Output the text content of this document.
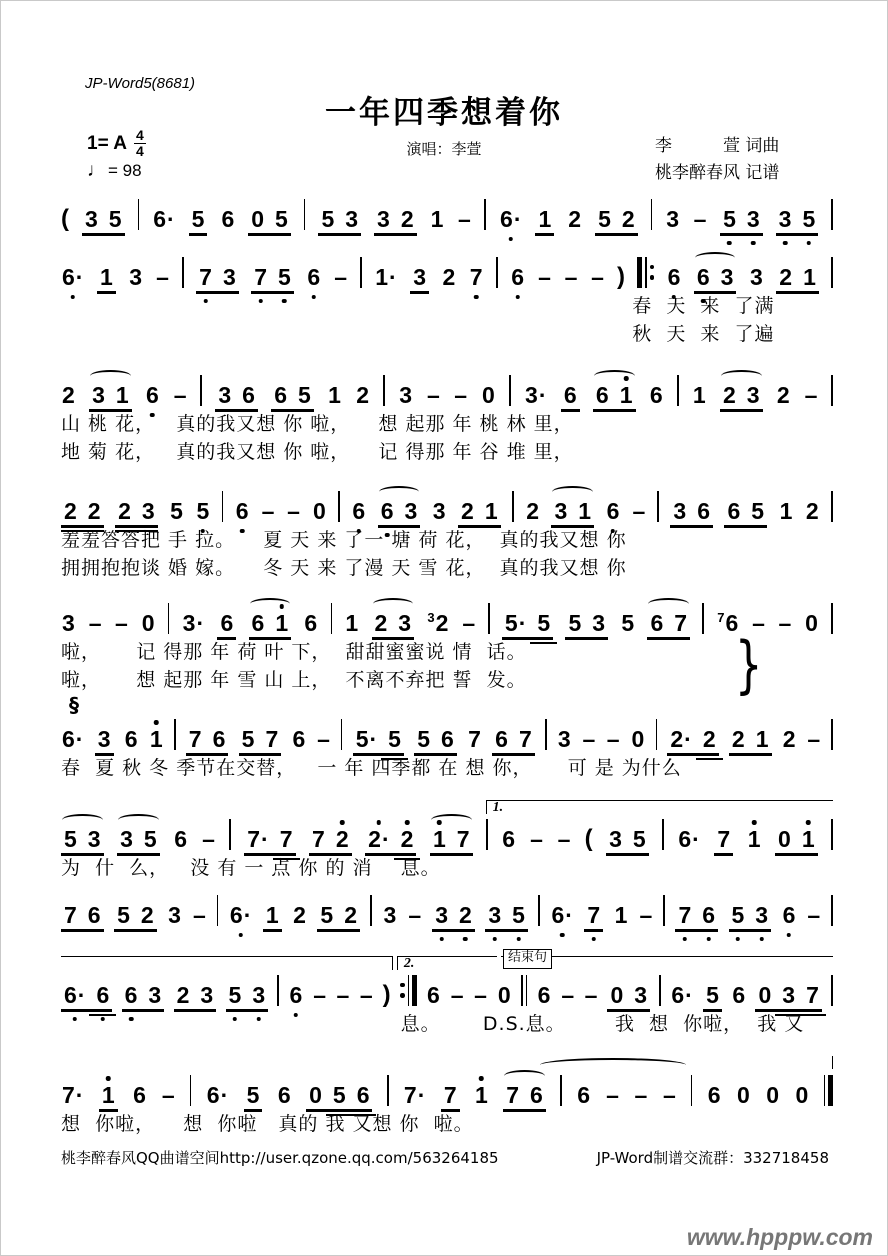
JP-Word5(8681)
一年四季想着你
演唱：李萱	李　　　萱 词曲
桃李醉春风 记谱
1= A $\frac{4}{4}$
♩ = 98
( 3 5 6· 5 6 0 5 5 3 3 2 1 – 6· 1 2 5 2 3 – 5 3 3 5
6· 1 3 – 7 3 7 5 6 – 1· 3 2 7 6 – – – ) 6 6 3 3 2 1
春  天  来  了满
秋  天  来  了遍
2 3 1 6 – 3 6 6 5 1 2 3 – – 0 3· 6 6 1 6 1 2 3 2 –
山 桃 花，   真的我又想 你 啦，    想 起那 年 桃 林 里，
地 菊 花，   真的我又想 你 啦，    记 得那 年 谷 堆 里，
2 2 2 3 5 5 6 – – 0 6 6 3 3 2 1 2 3 1 6 – 3 6 6 5 1 2
羞羞答答把 手 拉。    夏 天 来 了一 塘 荷 花，  真的我又想 你
拥拥抱抱谈 婚 嫁。    冬 天 来 了漫 天 雪 花，  真的我又想 你
3 – – 0 3· 6 6 1 6 1 2 3 $^3$2 – 5· 5 5 3 5 6 7 $^7$6 – – 0
啦，     记 得那 年 荷 叶 下，  甜甜蜜蜜说 情  话。
啦，     想 起那 年 雪 山 上，  不离不弃把 誓  发。	}
§
6· 3 6 1 7 6 5 7 6 – 5· 5 5 6 7 6 7 3 – – 0 2· 2 2 1 2 –
春  夏 秋 冬 季节在交替，   一 年 四季都 在 想 你，     可 是 为什么
1.
5 3 3 5 6 – 7· 7 7 2 2· 2 1 7 6 – – ( 3 5 6· 7 1 0 1
为  什  么，   没 有 一 点 你 的 消    息。
7 6 5 2 3 – 6· 1 2 5 2 3 – 3 2 3 5 6· 7 1 – 7 6 5 3 6 –
2.	结束句
6· 6 6 3 2 3 5 3 6 – – – ) 6 – – 0 6 – – 0 3 6· 5 6 0 3 7
息。      D.S.息。       我  想  你啦，  我 又
7· 1 6 – 6· 5 6 0 5 6 7· 7 1 7 6 6 – – – 6 0 0 0
想  你啦，    想  你啦   真的 我 又想 你  啦。
桃李醉春风QQ曲谱空间http://user.qzone.qq.com/563264185	JP-Word制谱交流群：332718458
www.hpppw.com
